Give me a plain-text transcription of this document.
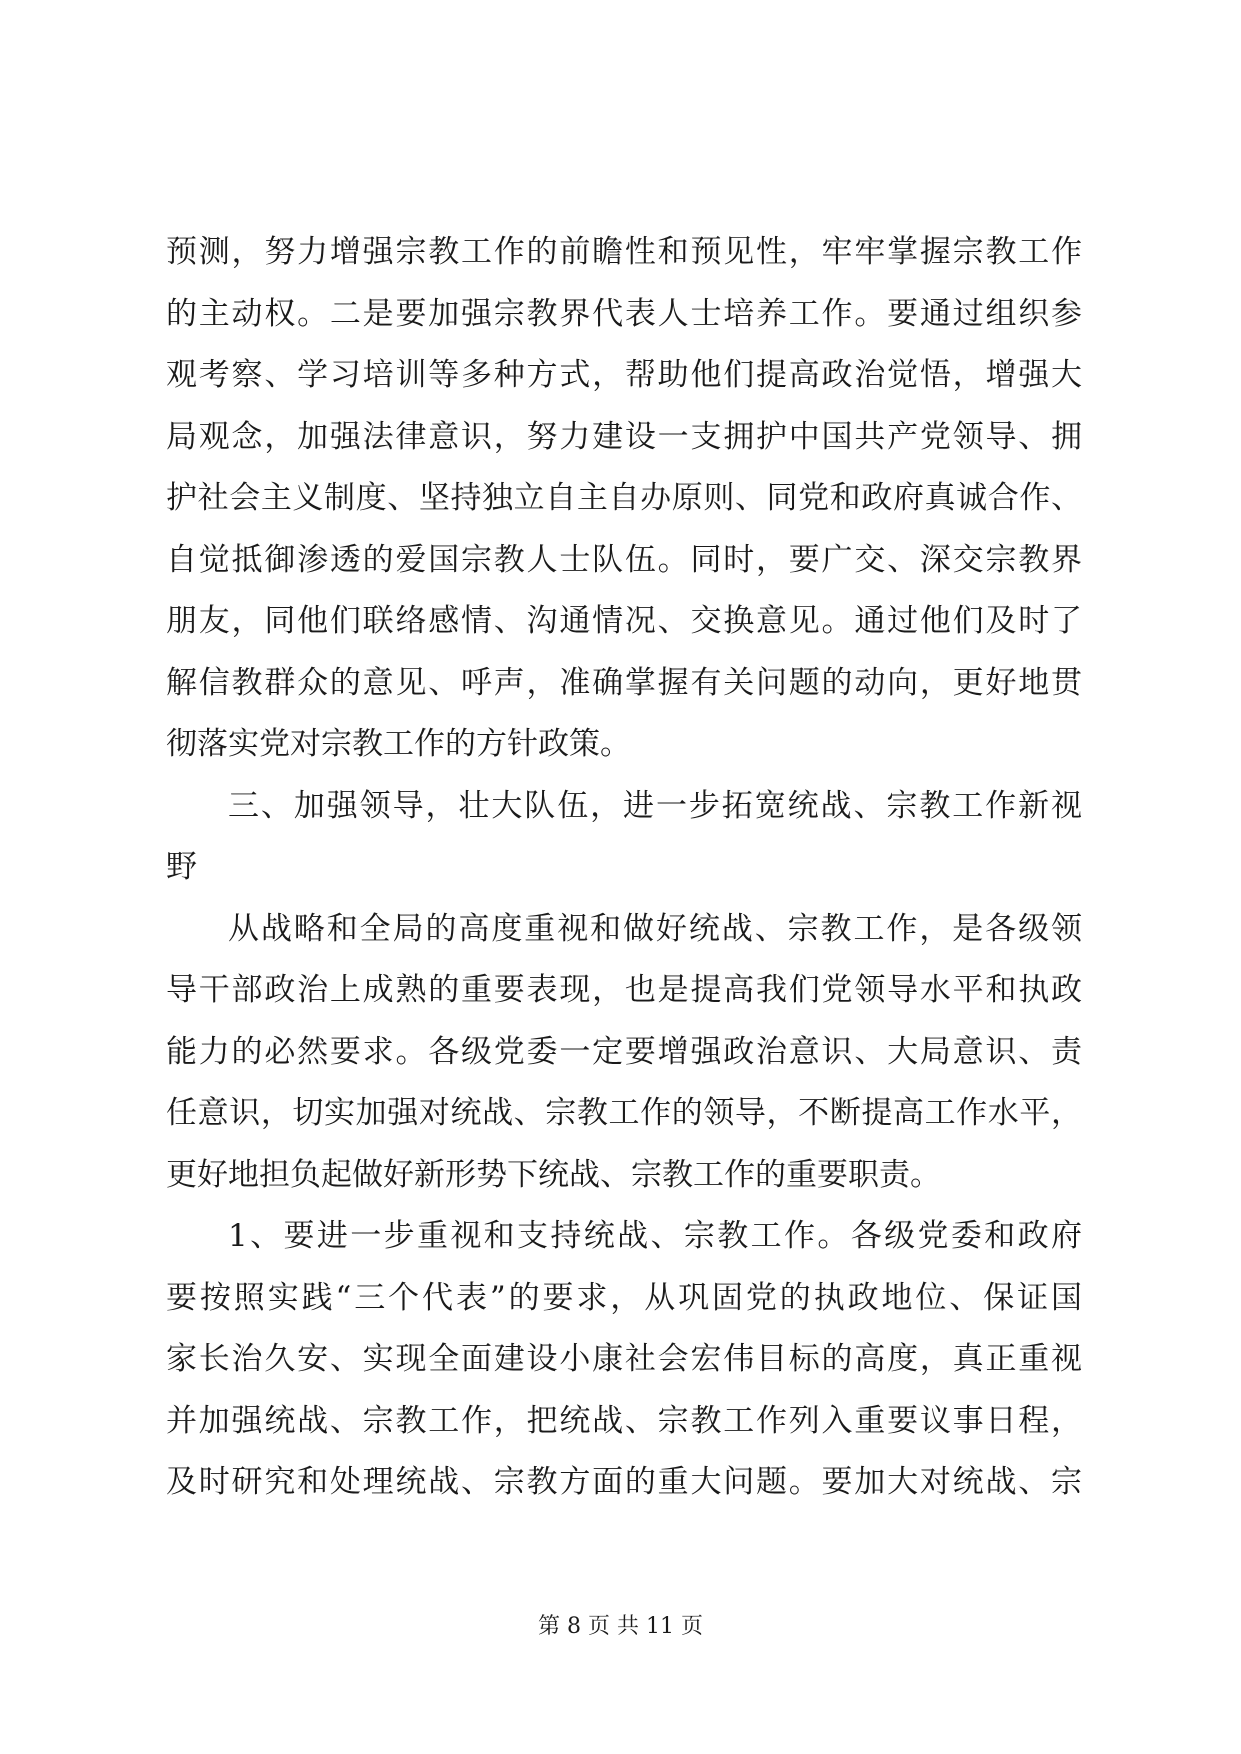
预测，努力增强宗教工作的前瞻性和预见性，牢牢掌握宗教工作
的主动权。二是要加强宗教界代表人士培养工作。要通过组织参
观考察、学习培训等多种方式，帮助他们提高政治觉悟，增强大
局观念，加强法律意识，努力建设一支拥护中国共产党领导、拥
护社会主义制度、坚持独立自主自办原则、同党和政府真诚合作、
自觉抵御渗透的爱国宗教人士队伍。同时，要广交、深交宗教界
朋友，同他们联络感情、沟通情况、交换意见。通过他们及时了
解信教群众的意见、呼声，准确掌握有关问题的动向，更好地贯
彻落实党对宗教工作的方针政策。
三、加强领导，壮大队伍，进一步拓宽统战、宗教工作新视
野
从战略和全局的高度重视和做好统战、宗教工作，是各级领
导干部政治上成熟的重要表现，也是提高我们党领导水平和执政
能力的必然要求。各级党委一定要增强政治意识、大局意识、责
任意识，切实加强对统战、宗教工作的领导，不断提高工作水平，
更好地担负起做好新形势下统战、宗教工作的重要职责。
1、要进一步重视和支持统战、宗教工作。各级党委和政府
要按照实践“三个代表”的要求，从巩固党的执政地位、保证国
家长治久安、实现全面建设小康社会宏伟目标的高度，真正重视
并加强统战、宗教工作，把统战、宗教工作列入重要议事日程，
及时研究和处理统战、宗教方面的重大问题。要加大对统战、宗
第 8 页 共 11 页
